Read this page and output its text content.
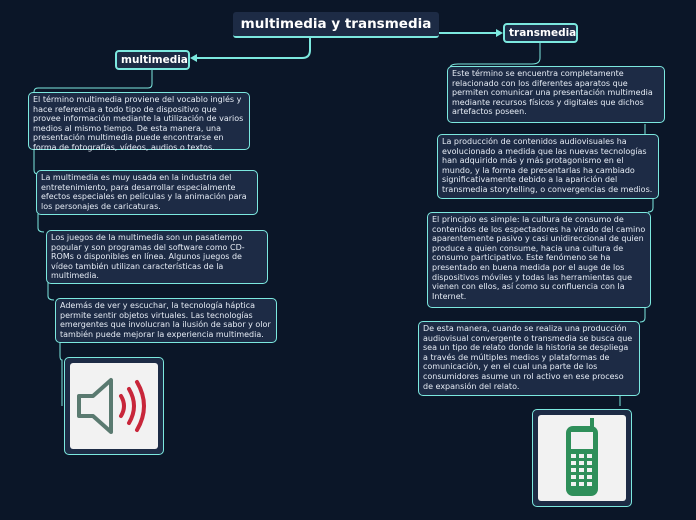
multimedia y transmedia
multimedia
transmedia
El término multimedia proviene del vocablo inglés y hace referencia a todo tipo de dispositivo que provee información mediante la utilización de varios medios al mismo tiempo. De esta manera, una presentación multimedia puede encontrarse en forma de fotografías, vídeos, audios o textos.
La multimedia es muy usada en la industria del entretenimiento, para desarrollar especialmente efectos especiales en películas y la animación para los personajes de caricaturas.
Los juegos de la multimedia son un pasatiempo popular y son programas del software como CD-ROMs o disponibles en línea. Algunos juegos de vídeo también utilizan características de la multimedia.
Además de ver y escuchar, la tecnología háptica permite sentir objetos virtuales. Las tecnologías emergentes que involucran la ilusión de sabor y olor también puede mejorar la experiencia multimedia.
Este término se encuentra completamente relacionado con los diferentes aparatos que permiten comunicar una presentación multimedia mediante recursos físicos y digitales que dichos artefactos poseen.
La producción de contenidos audiovisuales ha evolucionado a medida que las nuevas tecnologías han adquirido más y más protagonismo en el mundo, y la forma de presentarlas ha cambiado significativamente debido a la aparición del transmedia storytelling, o convergencias de medios.
El principio es simple: la cultura de consumo de contenidos de los espectadores ha virado del camino aparentemente pasivo y casi unidireccional de quien produce a quien consume, hacia una cultura de consumo participativo. Este fenómeno se ha presentado en buena medida por el auge de los dispositivos móviles y todas las herramientas que vienen con ellos, así como su confluencia con la Internet.
De esta manera, cuando se realiza una producción audiovisual convergente o transmedia se busca que sea un tipo de relato donde la historia se despliega a través de múltiples medios y plataformas de comunicación, y en el cual una parte de los consumidores asume un rol activo en ese proceso de expansión del relato.
